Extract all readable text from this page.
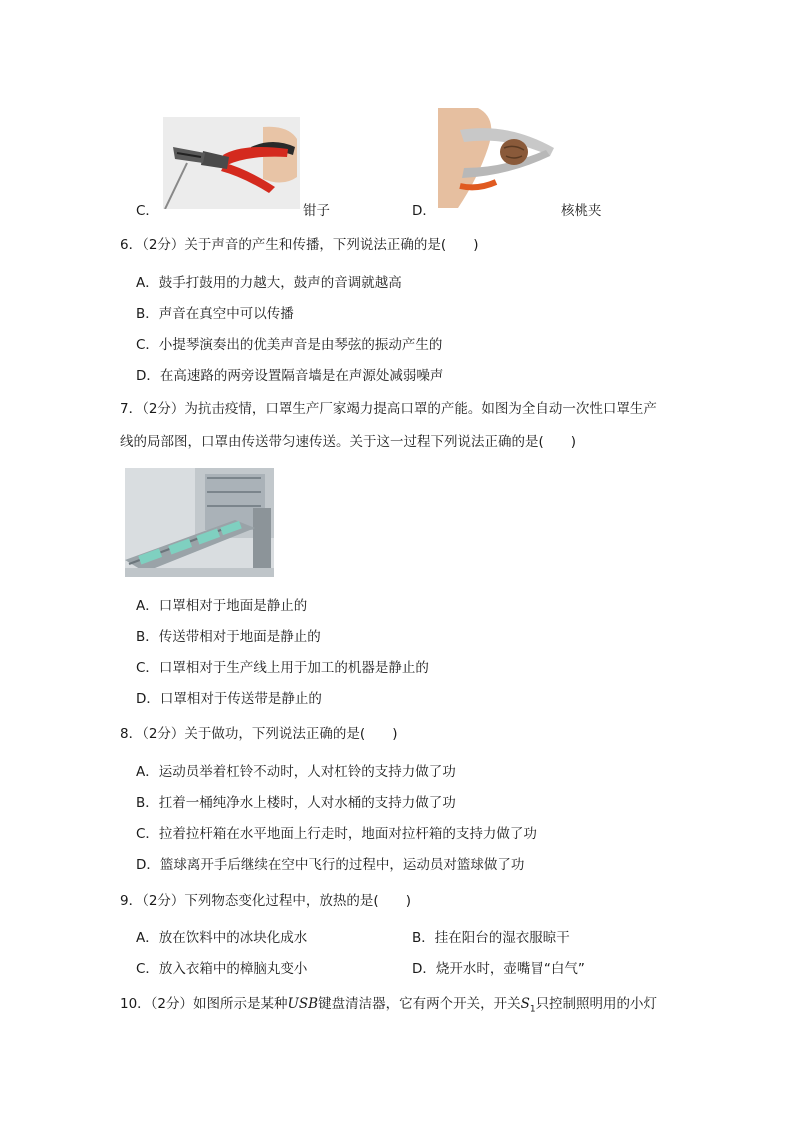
C．	钳子	D．	核桃夹
6．（2分）关于声音的产生和传播，下列说法正确的是(　　)
A．鼓手打鼓用的力越大，鼓声的音调就越高
B．声音在真空中可以传播
C．小提琴演奏出的优美声音是由琴弦的振动产生的
D．在高速路的两旁设置隔音墙是在声源处减弱噪声
7．（2分）为抗击疫情，口罩生产厂家竭力提高口罩的产能。如图为全自动一次性口罩生产
线的局部图，口罩由传送带匀速传送。关于这一过程下列说法正确的是(　　)
A．口罩相对于地面是静止的
B．传送带相对于地面是静止的
C．口罩相对于生产线上用于加工的机器是静止的
D．口罩相对于传送带是静止的
8．（2分）关于做功，下列说法正确的是(　　)
A．运动员举着杠铃不动时，人对杠铃的支持力做了功
B．扛着一桶纯净水上楼时，人对水桶的支持力做了功
C．拉着拉杆箱在水平地面上行走时，地面对拉杆箱的支持力做了功
D．篮球离开手后继续在空中飞行的过程中，运动员对篮球做了功
9．（2分）下列物态变化过程中，放热的是(　　)
A．放在饮料中的冰块化成水	B．挂在阳台的湿衣服晾干
C．放入衣箱中的樟脑丸变小	D．烧开水时，壶嘴冒“白气”
10．（2分）如图所示是某种USB键盘清洁器，它有两个开关，开关$S_1$只控制照明用的小灯
